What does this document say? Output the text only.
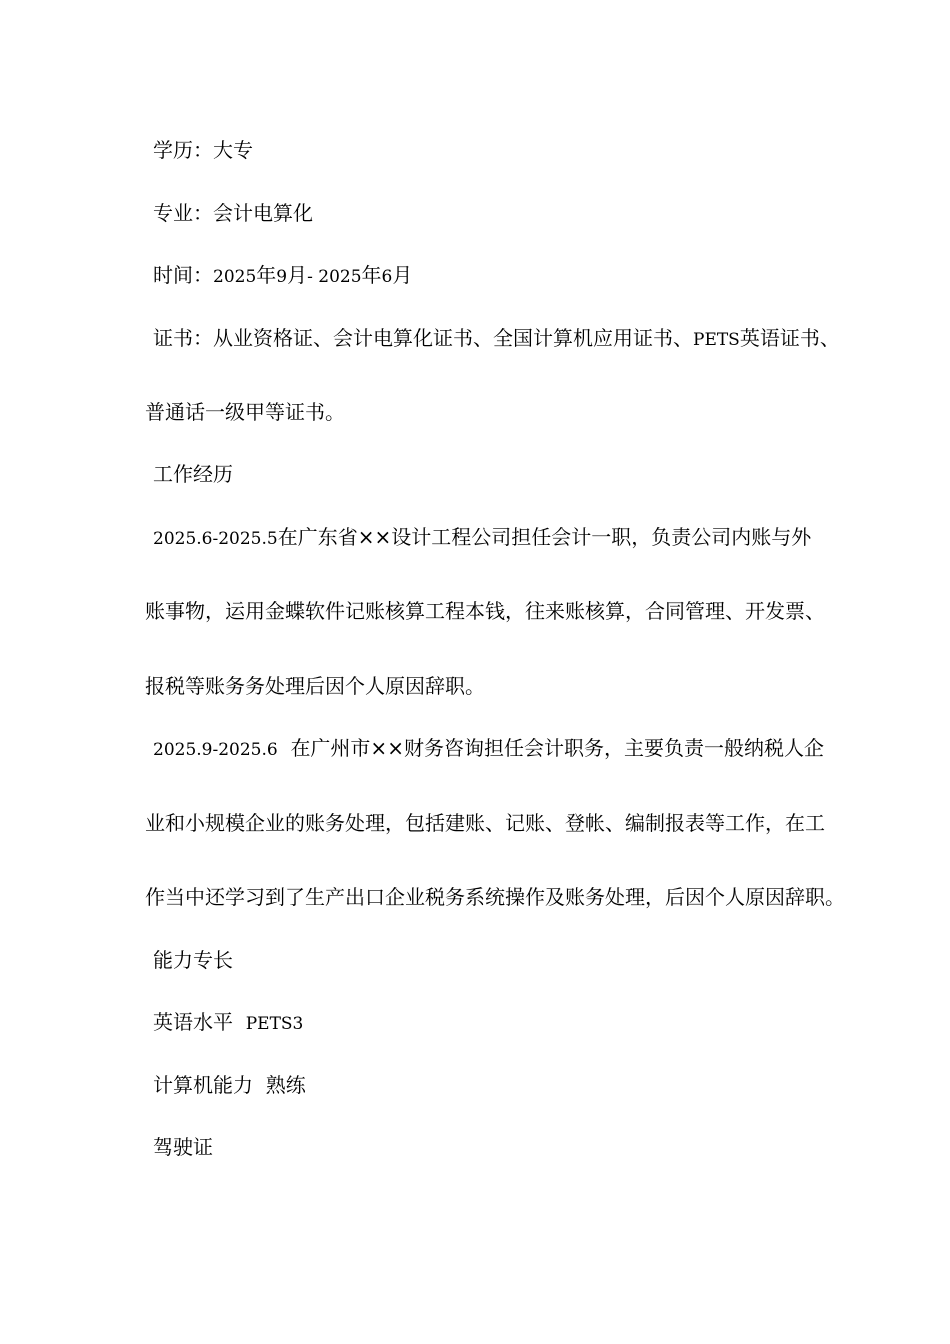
学历：大专
专业：会计电算化
时间：2025年9月- 2025年6月
证书：从业资格证、会计电算化证书、全国计算机应用证书、PETS英语证书、
普通话一级甲等证书。
工作经历
2025.6-2025.5在广东省××设计工程公司担任会计一职，负责公司内账与外
账事物，运用金蝶软件记账核算工程本钱，往来账核算，合同管理、开发票、
报税等账务务处理后因个人原因辞职。
2025.9-2025.6 在广州市××财务咨询担任会计职务，主要负责一般纳税人企
业和小规模企业的账务处理，包括建账、记账、登帐、编制报表等工作，在工
作当中还学习到了生产出口企业税务系统操作及账务处理，后因个人原因辞职。
能力专长
英语水平 PETS3
计算机能力 熟练
驾驶证
